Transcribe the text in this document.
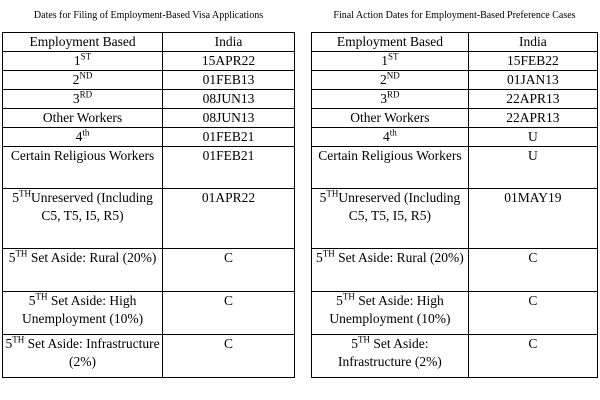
Dates for Filing of Employment-Based Visa Applications
Employment Based	India
1ST	15APR22
2ND	01FEB13
3RD	08JUN13
Other Workers	08JUN13
4th	01FEB21
Certain Religious Workers	01FEB21
5THUnreserved (Including C5, T5, I5, R5)	01APR22
5TH Set Aside: Rural (20%)	C
5TH Set Aside: High Unemployment (10%)	C
5TH Set Aside: Infrastructure (2%)	C
Final Action Dates for Employment-Based Preference Cases
Employment Based	India
1ST	15FEB22
2ND	01JAN13
3RD	22APR13
Other Workers	22APR13
4th	U
Certain Religious Workers	U
5THUnreserved (Including C5, T5, I5, R5)	01MAY19
5TH Set Aside: Rural (20%)	C
5TH Set Aside: High Unemployment (10%)	C
5TH Set Aside: Infrastructure (2%)	C
